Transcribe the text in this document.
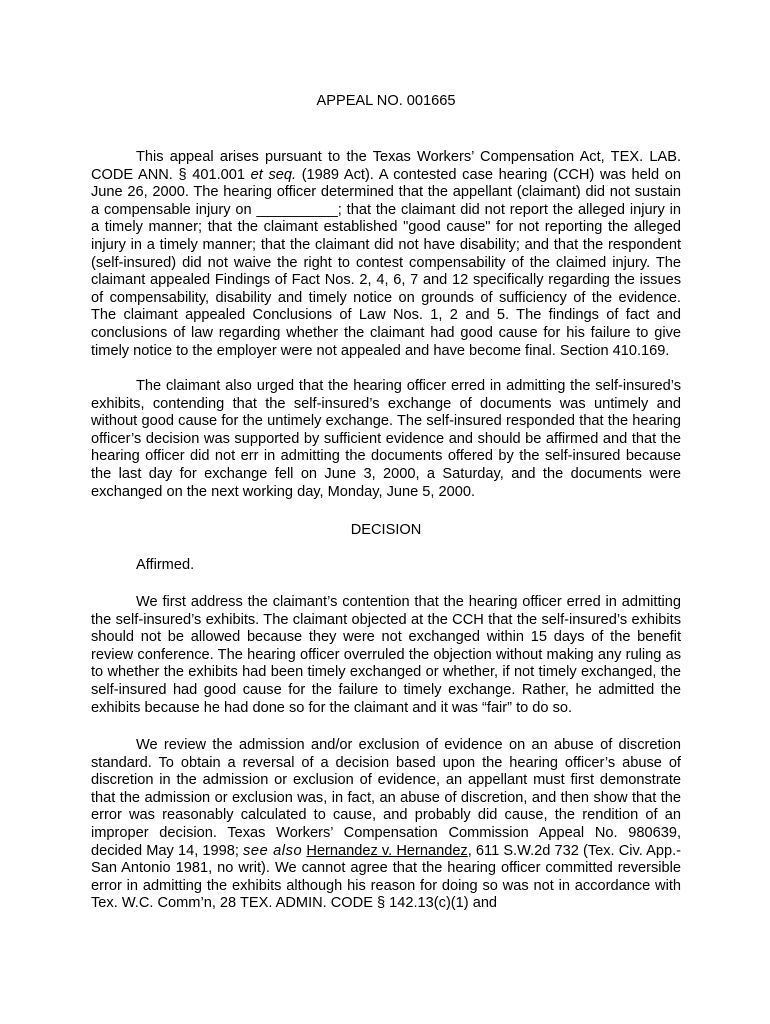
APPEAL NO. 001665
This appeal arises pursuant to the Texas Workers’ Compensation Act, TEX. LAB. CODE ANN. § 401.001 et seq. (1989 Act). A contested case hearing (CCH) was held on June 26, 2000. The hearing officer determined that the appellant (claimant) did not sustain a compensable injury on __________; that the claimant did not report the alleged injury in a timely manner; that the claimant established "good cause" for not reporting the alleged injury in a timely manner; that the claimant did not have disability; and that the respondent (self-insured) did not waive the right to contest compensability of the claimed injury. The claimant appealed Findings of Fact Nos. 2, 4, 6, 7 and 12 specifically regarding the issues of compensability, disability and timely notice on grounds of sufficiency of the evidence. The claimant appealed Conclusions of Law Nos. 1, 2 and 5. The findings of fact and conclusions of law regarding whether the claimant had good cause for his failure to give timely notice to the employer were not appealed and have become final. Section 410.169.
The claimant also urged that the hearing officer erred in admitting the self-insured’s exhibits, contending that the self-insured’s exchange of documents was untimely and without good cause for the untimely exchange. The self-insured responded that the hearing officer’s decision was supported by sufficient evidence and should be affirmed and that the hearing officer did not err in admitting the documents offered by the self-insured because the last day for exchange fell on June 3, 2000, a Saturday, and the documents were exchanged on the next working day, Monday, June 5, 2000.
DECISION
Affirmed.
We first address the claimant’s contention that the hearing officer erred in admitting the self-insured’s exhibits. The claimant objected at the CCH that the self-insured’s exhibits should not be allowed because they were not exchanged within 15 days of the benefit review conference. The hearing officer overruled the objection without making any ruling as to whether the exhibits had been timely exchanged or whether, if not timely exchanged, the self-insured had good cause for the failure to timely exchange. Rather, he admitted the exhibits because he had done so for the claimant and it was “fair” to do so.
We review the admission and/or exclusion of evidence on an abuse of discretion standard. To obtain a reversal of a decision based upon the hearing officer’s abuse of discretion in the admission or exclusion of evidence, an appellant must first demonstrate that the admission or exclusion was, in fact, an abuse of discretion, and then show that the error was reasonably calculated to cause, and probably did cause, the rendition of an improper decision. Texas Workers’ Compensation Commission Appeal No. 980639, decided May 14, 1998; see also Hernandez v. Hernandez, 611 S.W.2d 732 (Tex. Civ. App.-San Antonio 1981, no writ). We cannot agree that the hearing officer committed reversible error in admitting the exhibits although his reason for doing so was not in accordance with Tex. W.C. Comm’n, 28 TEX. ADMIN. CODE § 142.13(c)(1) and
